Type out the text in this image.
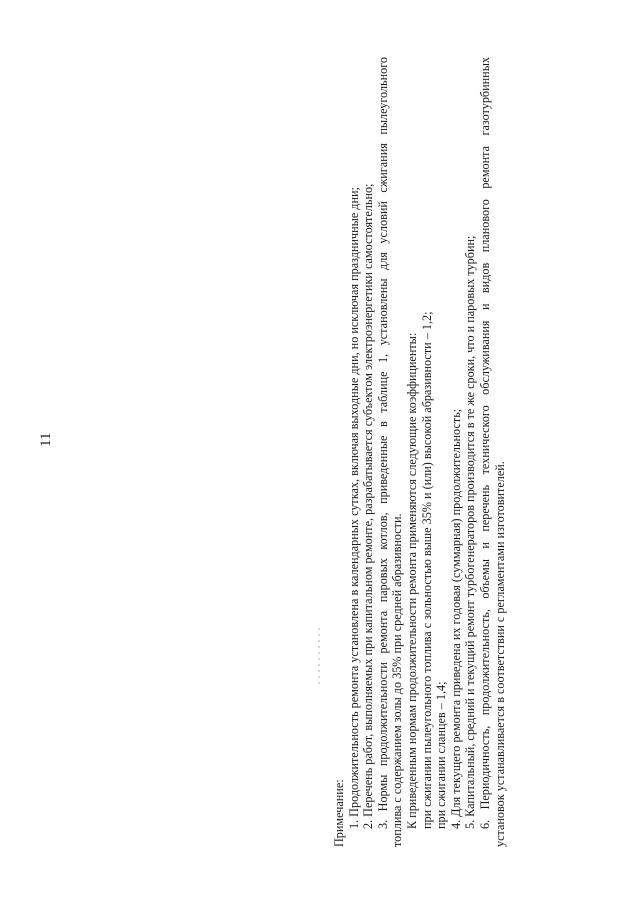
11
Примечание: 1. Продолжительность ремонта установлена в календарных сутках, включая выходные дни, но исключая праздничные дни; 2. Перечень работ, выполняемых при капитальном ремонте, разрабатывается субъектом электроэнергетики самостоятельно; 3. Нормы продолжительности ремонта паровых котлов, приведенные в таблице 1, установлены для условий сжигания пылеугольного топлива с содержанием золы до 35% при средней абразивности. К приведенным нормам продолжительности ремонта применяются следующие коэффициенты: при сжигании пылеугольного топлива с зольностью выше 35% и (или) высокой абразивности – 1,2; при сжигании сланцев – 1,4; 4. Для текущего ремонта приведена их годовая (суммарная) продолжительность; 5. Капитальный, средний и текущий ремонт турбогенераторов производится в те же сроки, что и паровых турбин; 6. Периодичность, продолжительность, объемы и перечень технического обслуживания и видов планового ремонта газотурбинных установок устанавливается в соответствии с регламентами изготовителей.
